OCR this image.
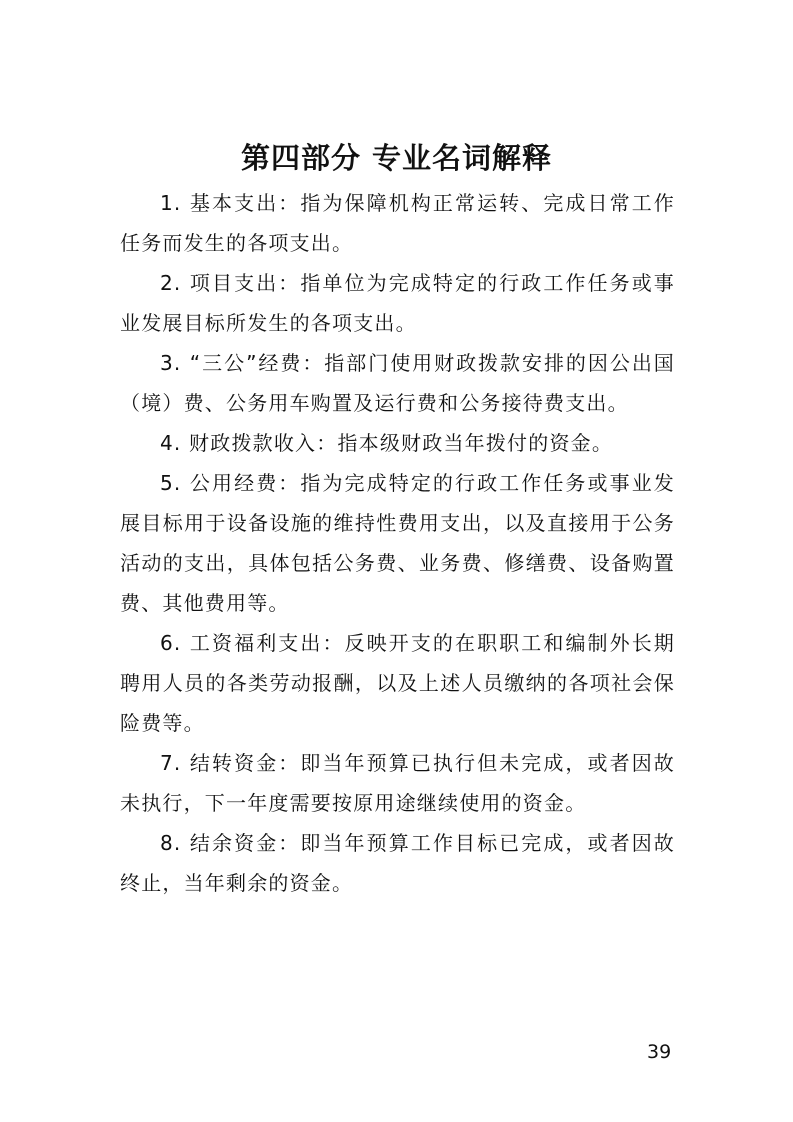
第四部分 专业名词解释

1. 基本支出：指为保障机构正常运转、完成日常工作任务而发生的各项支出。

2. 项目支出：指单位为完成特定的行政工作任务或事业发展目标所发生的各项支出。

3. “三公”经费：指部门使用财政拨款安排的因公出国（境）费、公务用车购置及运行费和公务接待费支出。

4. 财政拨款收入：指本级财政当年拨付的资金。

5. 公用经费：指为完成特定的行政工作任务或事业发展目标用于设备设施的维持性费用支出，以及直接用于公务活动的支出，具体包括公务费、业务费、修缮费、设备购置费、其他费用等。

6. 工资福利支出：反映开支的在职职工和编制外长期聘用人员的各类劳动报酬，以及上述人员缴纳的各项社会保险费等。

7. 结转资金：即当年预算已执行但未完成，或者因故未执行，下一年度需要按原用途继续使用的资金。

8. 结余资金：即当年预算工作目标已完成，或者因故终止，当年剩余的资金。

39
